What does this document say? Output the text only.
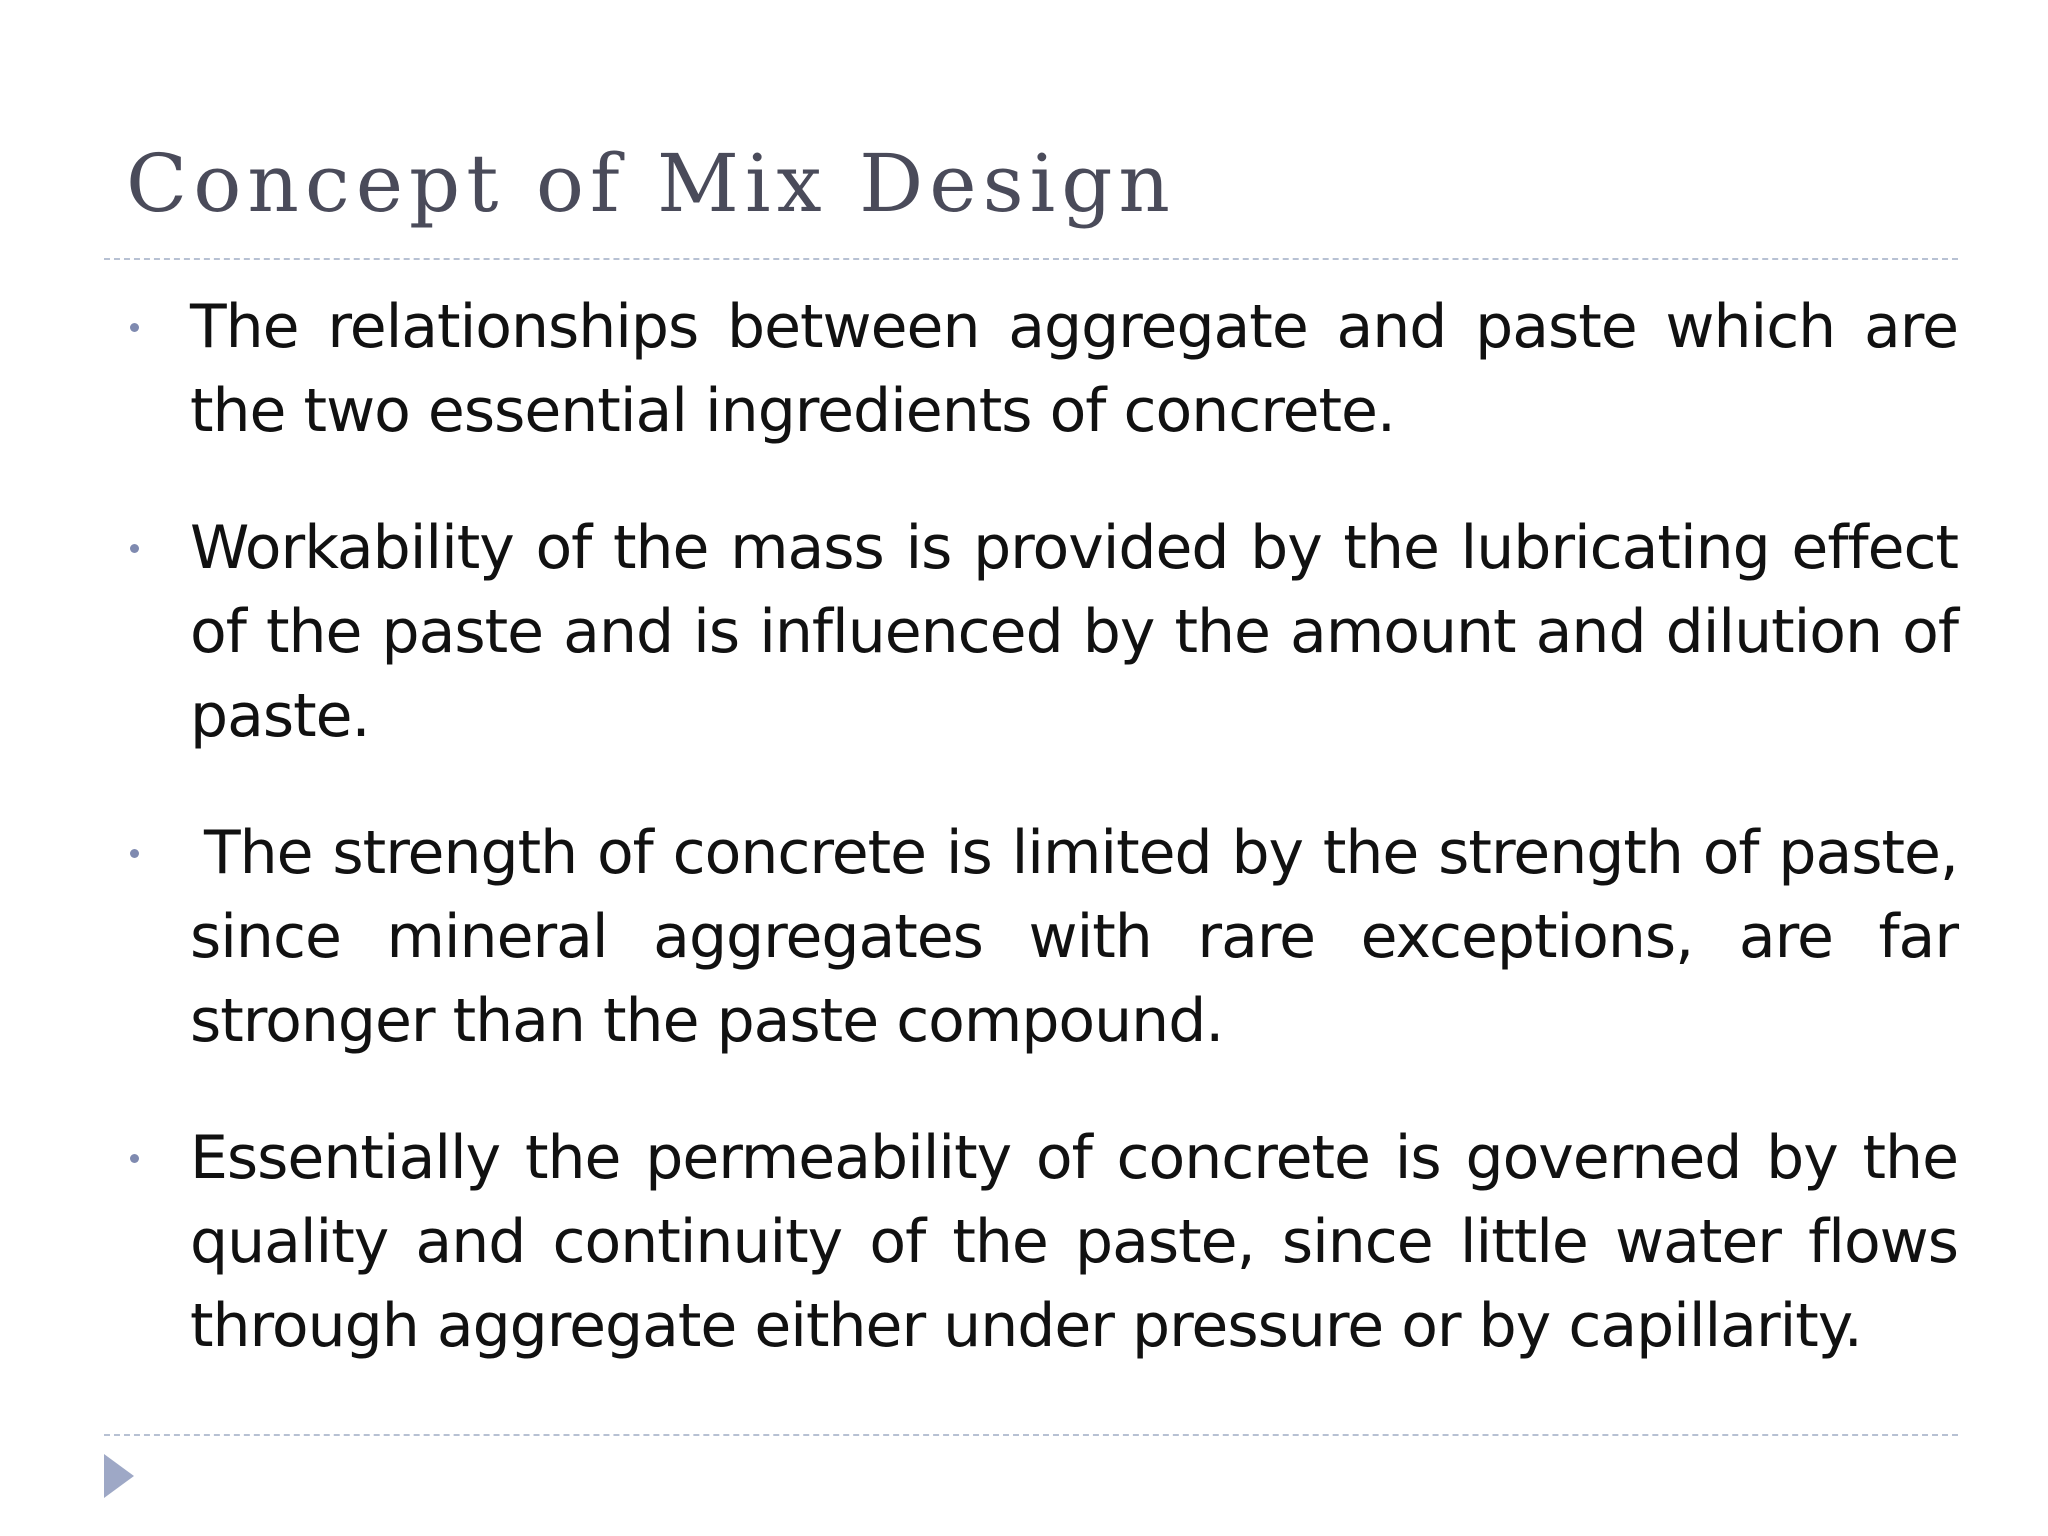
Concept of Mix Design
The relationships between aggregate and paste which are the two essential ingredients of concrete.
Workability of the mass is provided by the lubricating effect of the paste and is influenced by the amount and dilution of paste.
The strength of concrete is limited by the strength of paste, since mineral aggregates with rare exceptions, are far stronger than the paste compound.
Essentially the permeability of concrete is governed by the quality and continuity of the paste, since little water flows through aggregate either under pressure or by capillarity.
